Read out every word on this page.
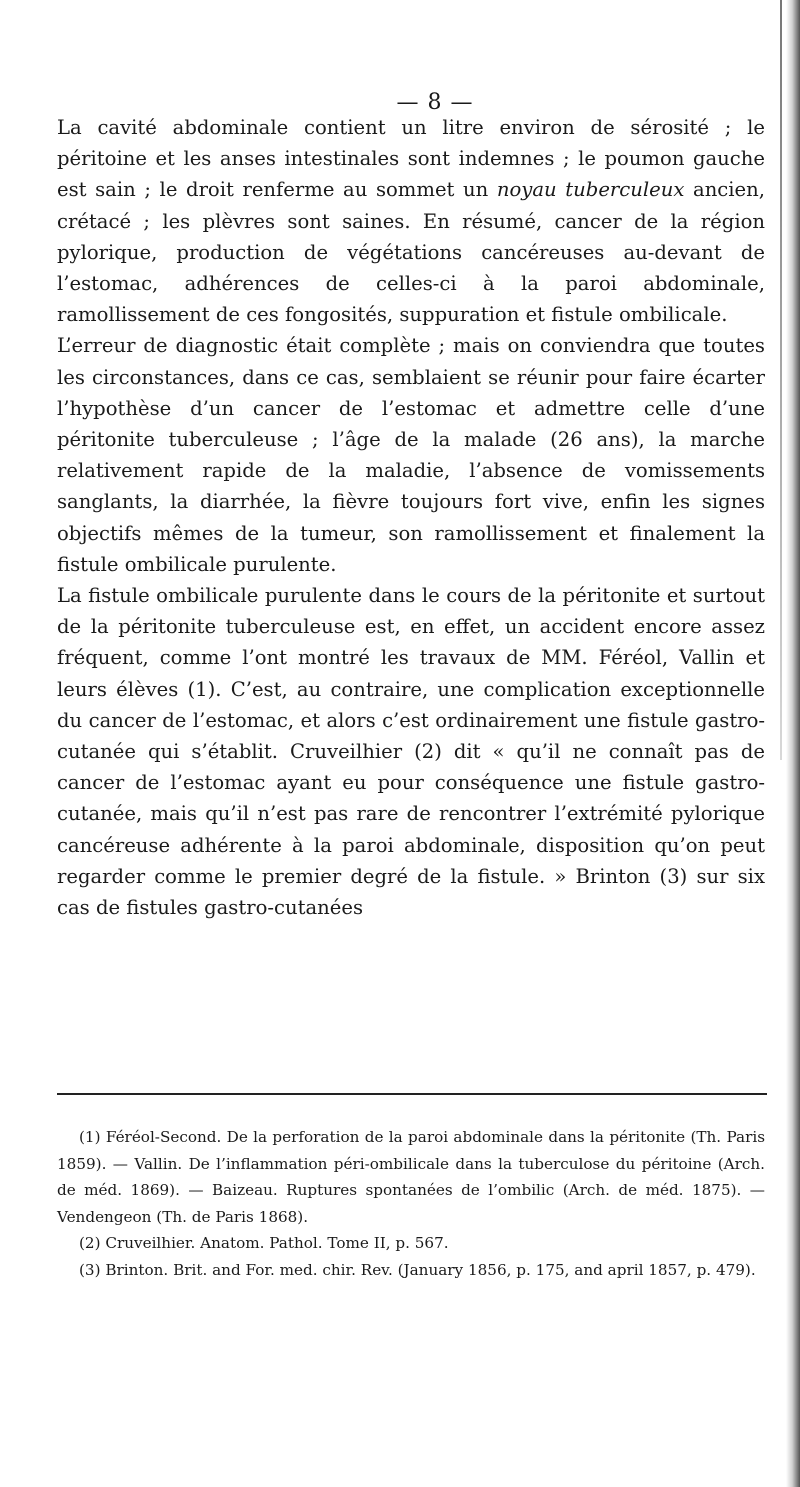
— 8 —

La cavité abdominale contient un litre environ de sérosité ; le péritoine et les anses intestinales sont indemnes ; le poumon gauche est sain ; le droit renferme au sommet un noyau tuberculeux ancien, crétacé ; les plèvres sont saines. En résumé, cancer de la région pylorique, production de végétations cancéreuses au-devant de l’estomac, adhérences de celles-ci à la paroi abdominale, ramollissement de ces fongosités, suppuration et fistule ombilicale.

L’erreur de diagnostic était complète ; mais on conviendra que toutes les circonstances, dans ce cas, semblaient se réunir pour faire écarter l’hypothèse d’un cancer de l’estomac et admettre celle d’une péritonite tuberculeuse ; l’âge de la malade (26 ans), la marche relativement rapide de la maladie, l’absence de vomissements sanglants, la diarrhée, la fièvre toujours fort vive, enfin les signes objectifs mêmes de la tumeur, son ramollissement et finalement la fistule ombilicale purulente.

La fistule ombilicale purulente dans le cours de la péritonite et surtout de la péritonite tuberculeuse est, en effet, un accident encore assez fréquent, comme l’ont montré les travaux de MM. Féréol, Vallin et leurs élèves (1). C’est, au contraire, une complication exceptionnelle du cancer de l’estomac, et alors c’est ordinairement une fistule gastro-cutanée qui s’établit. Cruveilhier (2) dit « qu’il ne connaît pas de cancer de l’estomac ayant eu pour conséquence une fistule gastro-cutanée, mais qu’il n’est pas rare de rencontrer l’extrémité pylorique cancéreuse adhérente à la paroi abdominale, disposition qu’on peut regarder comme le premier degré de la fistule. » Brinton (3) sur six cas de fistules gastro-cutanées

(1) Féréol-Second. De la perforation de la paroi abdominale dans la péritonite (Th. Paris 1859). — Vallin. De l’inflammation péri-ombilicale dans la tuberculose du péritoine (Arch. de méd. 1869). — Baizeau. Ruptures spontanées de l’ombilic (Arch. de méd. 1875). — Vendengeon (Th. de Paris 1868).

(2) Cruveilhier. Anatom. Pathol. Tome II, p. 567.

(3) Brinton. Brit. and For. med. chir. Rev. (January 1856, p. 175, and april 1857, p. 479).
